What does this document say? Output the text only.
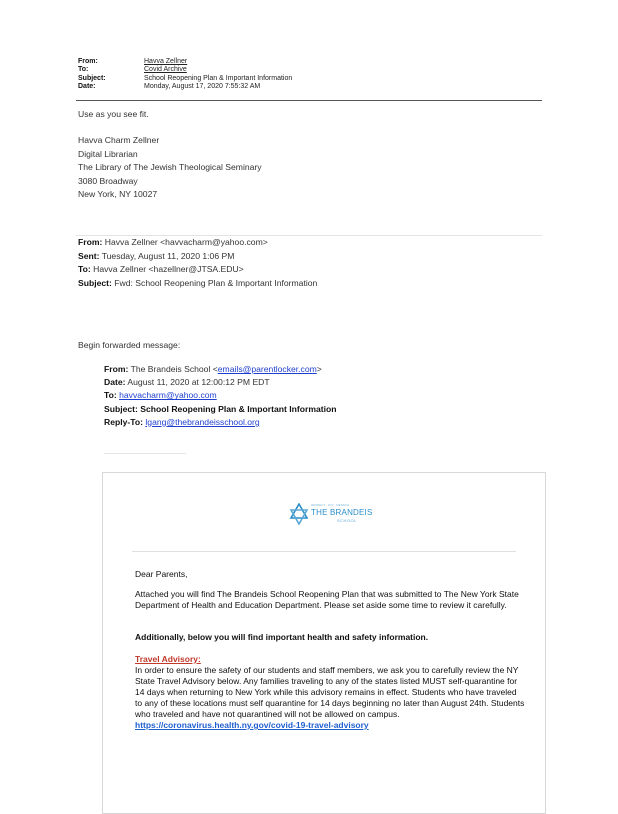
From:	Havva Zellner
To:	Covid Archive
Subject:	School Reopening Plan & Important Information
Date:	Monday, August 17, 2020 7:55:32 AM
Use as you see fit.
Havva Charm Zellner
Digital Librarian
The Library of The Jewish Theological Seminary
3080 Broadway
New York, NY 10027
From: Havva Zellner <havvacharm@yahoo.com>
Sent: Tuesday, August 11, 2020 1:06 PM
To: Havva Zellner <hazellner@JTSA.EDU>
Subject: Fwd: School Reopening Plan & Important Information
Begin forwarded message:
From: The Brandeis School <emails@parentlocker.com>
Date: August 11, 2020 at 12:00:12 PM EDT
To: havvacharm@yahoo.com
Subject: School Reopening Plan & Important Information
Reply-To: lgang@thebrandeisschool.org
RESPECT · JOY · MENSCH
THE BRANDEIS
SCHOOL
Dear Parents,
Attached you will find The Brandeis School Reopening Plan that was submitted to The New York State Department of Health and Education Department. Please set aside some time to review it carefully.
Additionally, below you will find important health and safety information.
Travel Advisory:
In order to ensure the safety of our students and staff members, we ask you to carefully review the NY State Travel Advisory below. Any families traveling to any of the states listed MUST self-quarantine for 14 days when returning to New York while this advisory remains in effect. Students who have traveled to any of these locations must self quarantine for 14 days beginning no later than August 24th. Students who traveled and have not quarantined will not be allowed on campus.
https://coronavirus.health.ny.gov/covid-19-travel-advisory
